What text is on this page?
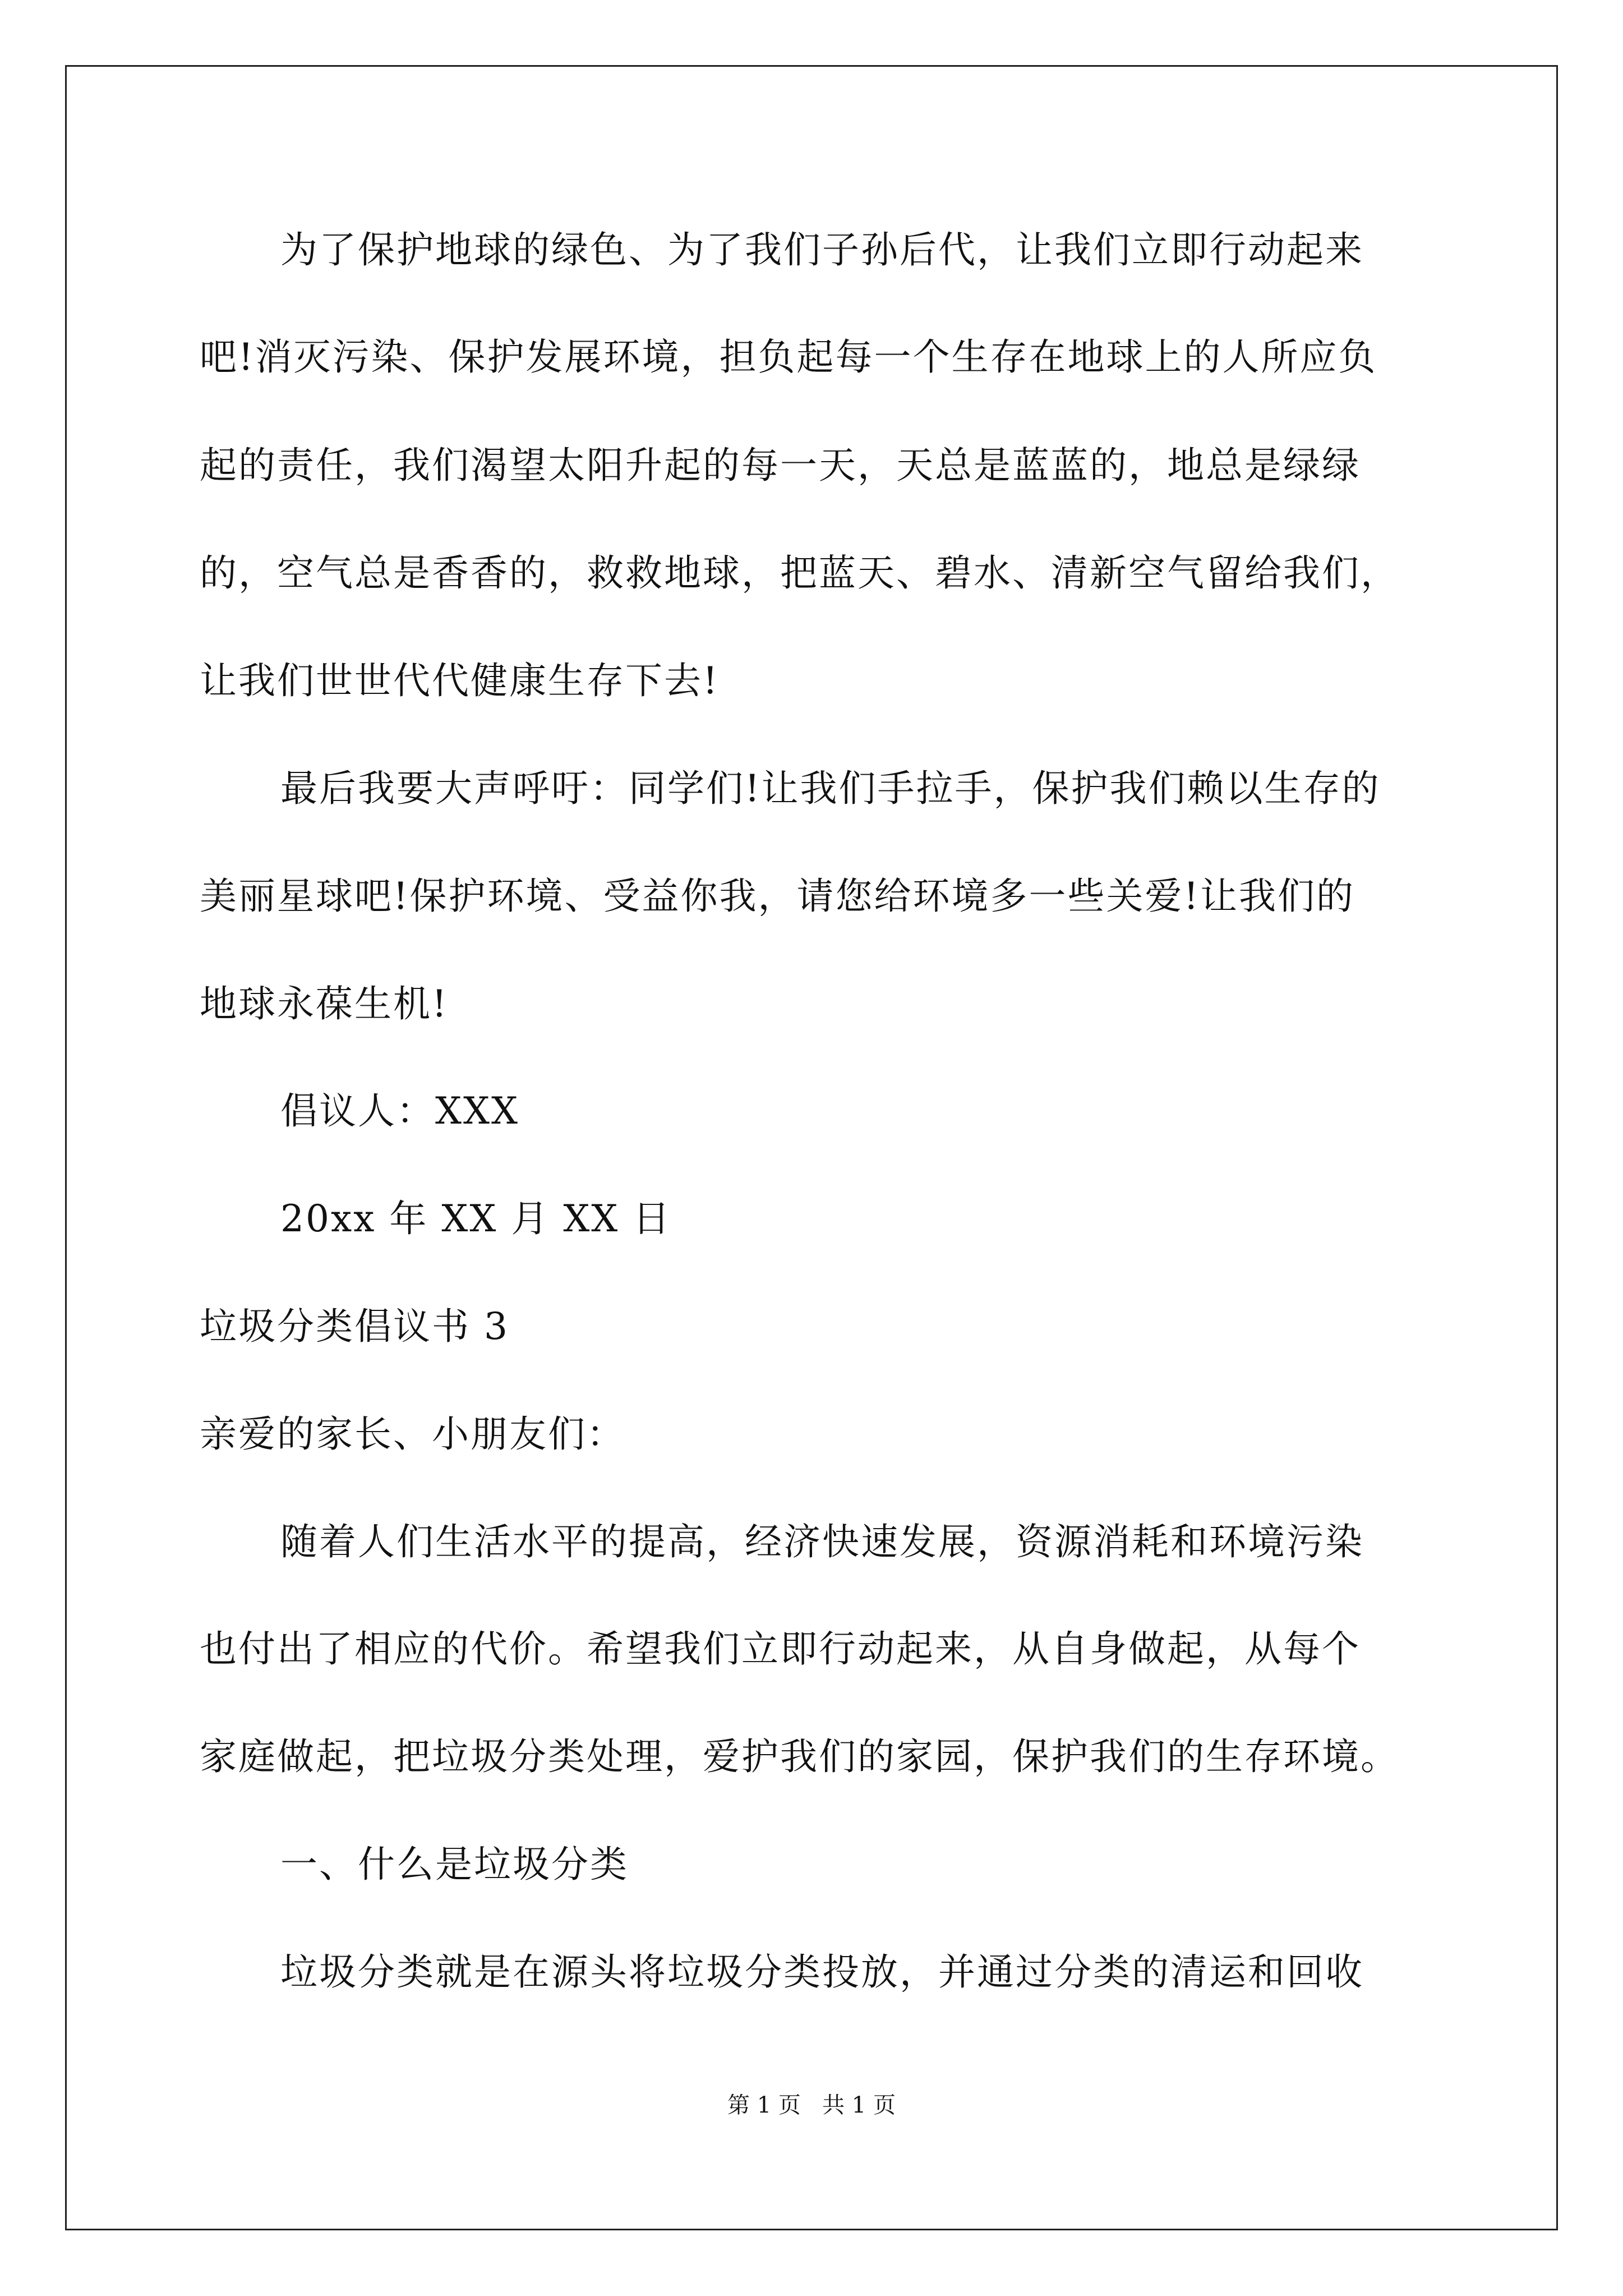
为了保护地球的绿色、为了我们子孙后代，让我们立即行动起来
吧!消灭污染、保护发展环境，担负起每一个生存在地球上的人所应负
起的责任，我们渴望太阳升起的每一天，天总是蓝蓝的，地总是绿绿
的，空气总是香香的，救救地球，把蓝天、碧水、清新空气留给我们，
让我们世世代代健康生存下去!
最后我要大声呼吁：同学们!让我们手拉手，保护我们赖以生存的
美丽星球吧!保护环境、受益你我，请您给环境多一些关爱!让我们的
地球永葆生机!
倡议人：XXX
20xx 年 XX 月 XX 日
垃圾分类倡议书 3
亲爱的家长、小朋友们：
随着人们生活水平的提高，经济快速发展，资源消耗和环境污染
也付出了相应的代价。希望我们立即行动起来，从自身做起，从每个
家庭做起，把垃圾分类处理，爱护我们的家园，保护我们的生存环境。
一、什么是垃圾分类
垃圾分类就是在源头将垃圾分类投放，并通过分类的清运和回收
第 1 页   共 1 页
